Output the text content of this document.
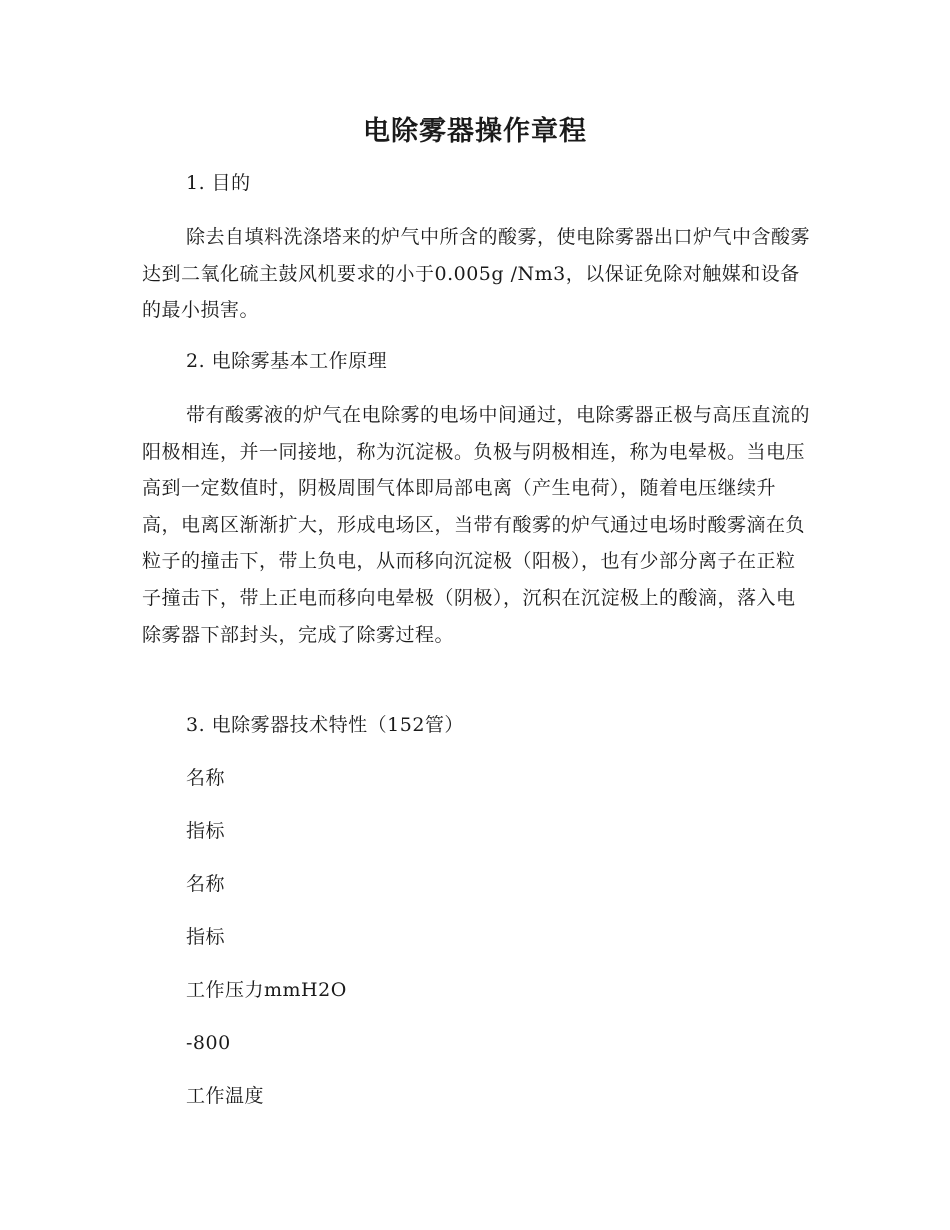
电除雾器操作章程

1. 目的

除去自填料洗涤塔来的炉气中所含的酸雾，使电除雾器出口炉气中含酸雾达到二氧化硫主鼓风机要求的小于0.005g /Nm3，以保证免除对触媒和设备的最小损害。

2. 电除雾基本工作原理

带有酸雾液的炉气在电除雾的电场中间通过，电除雾器正极与高压直流的阳极相连，并一同接地，称为沉淀极。负极与阴极相连，称为电晕极。当电压高到一定数值时，阴极周围气体即局部电离（产生电荷），随着电压继续升高，电离区渐渐扩大，形成电场区，当带有酸雾的炉气通过电场时酸雾滴在负粒子的撞击下，带上负电，从而移向沉淀极（阳极），也有少部分离子在正粒子撞击下，带上正电而移向电晕极（阴极），沉积在沉淀极上的酸滴，落入电除雾器下部封头，完成了除雾过程。

3. 电除雾器技术特性（152管）

名称

指标

名称

指标

工作压力mmH2O

-800

工作温度
